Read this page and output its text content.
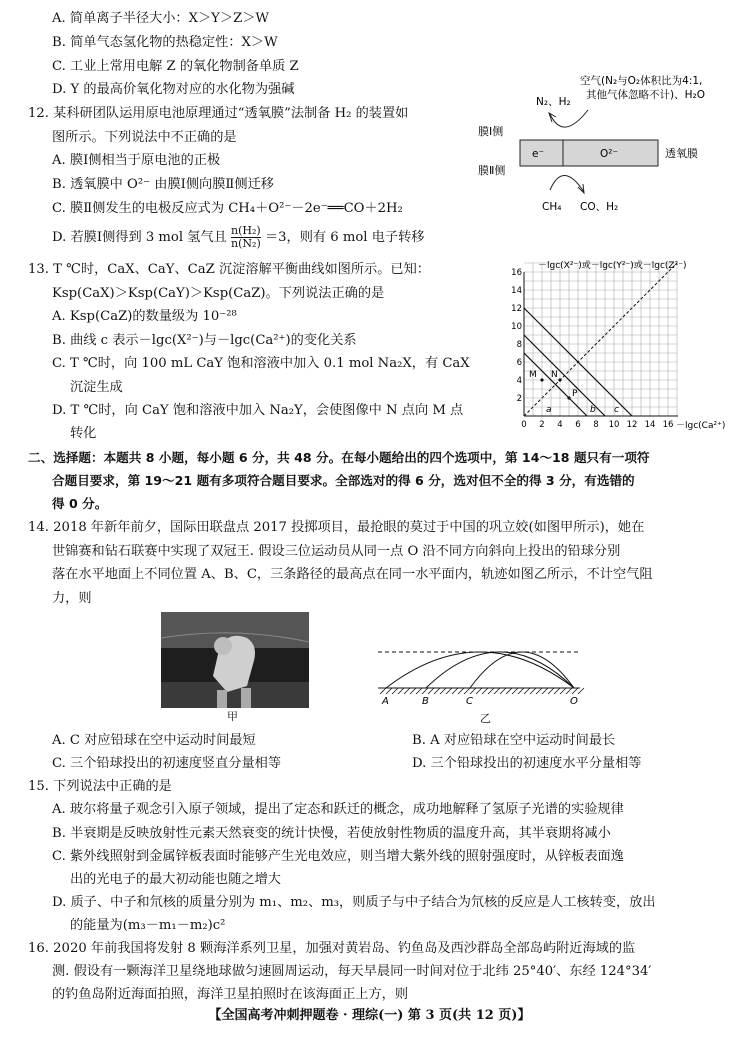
A. 简单离子半径大小：X＞Y＞Z＞W
B. 简单气态氢化物的热稳定性：X＞W
C. 工业上常用电解 Z 的氧化物制备单质 Z
D. Y 的最高价氧化物对应的水化物为强碱
12. 某科研团队运用原电池原理通过“透氧膜”法制备 H₂ 的装置如
图所示。下列说法中不正确的是
A. 膜Ⅰ侧相当于原电池的正极
B. 透氧膜中 O²⁻ 由膜Ⅰ侧向膜Ⅱ侧迁移
C. 膜Ⅱ侧发生的电极反应式为 CH₄＋O²⁻－2e⁻══CO＋2H₂
D. 若膜Ⅰ侧得到 3 mol 氢气且 $\frac{\text{n(H₂)}}{\text{n(N₂)}} =3$，则有 6 mol 电子转移
空气(N₂与O₂体积比为4:1,
其他气体忽略不计)、H₂O
N₂、H₂
膜Ⅰ侧
膜Ⅱ侧
e⁻	O²⁻	透氧膜
CH₄ CO、H₂
13. T ℃时，CaX、CaY、CaZ 沉淀溶解平衡曲线如图所示。已知：
Ksp(CaX)＞Ksp(CaY)＞Ksp(CaZ)。下列说法正确的是
A. Ksp(CaZ)的数量级为 10⁻²⁸
B. 曲线 c 表示－lgc(X²⁻)与－lgc(Ca²⁺)的变化关系
C. T ℃时，向 100 mL CaY 饱和溶液中加入 0.1 mol Na₂X，有 CaX
沉淀生成
D. T ℃时，向 CaY 饱和溶液中加入 Na₂Y，会使图像中 N 点向 M 点
转化
－lgc(X²⁻)或－lgc(Y²⁻)或－lgc(Z²⁻)
－lgc(Ca²⁺)
2
4
6
8
10
12
14
16
0 2 4 6 8 10 12 14 16
M N
P
a	b c
二、选择题：本题共 8 小题，每小题 6 分，共 48 分。在每小题给出的四个选项中，第 14～18 题只有一项符
合题目要求，第 19～21 题有多项符合题目要求。全部选对的得 6 分，选对但不全的得 3 分，有选错的
得 0 分。
14. 2018 年新年前夕，国际田联盘点 2017 投掷项目，最抢眼的莫过于中国的巩立姣(如图甲所示)，她在
世锦赛和钻石联赛中实现了双冠王. 假设三位运动员从同一点 O 沿不同方向斜向上投出的铅球分别
落在水平地面上不同位置 A、B、C，三条路径的最高点在同一水平面内，轨迹如图乙所示，不计空气阻
力，则
甲
A	B	C	O
乙
A. C 对应铅球在空中运动时间最短	B. A 对应铅球在空中运动时间最长
C. 三个铅球投出的初速度竖直分量相等	D. 三个铅球投出的初速度水平分量相等
15. 下列说法中正确的是
A. 玻尔将量子观念引入原子领域，提出了定态和跃迁的概念，成功地解释了氢原子光谱的实验规律
B. 半衰期是反映放射性元素天然衰变的统计快慢，若使放射性物质的温度升高，其半衰期将减小
C. 紫外线照射到金属锌板表面时能够产生光电效应，则当增大紫外线的照射强度时，从锌板表面逸
出的光电子的最大初动能也随之增大
D. 质子、中子和氘核的质量分别为 m₁、m₂、m₃，则质子与中子结合为氘核的反应是人工核转变，放出
的能量为(m₃－m₁－m₂)c²
16. 2020 年前我国将发射 8 颗海洋系列卫星，加强对黄岩岛、钓鱼岛及西沙群岛全部岛屿附近海域的监
测. 假设有一颗海洋卫星绕地球做匀速圆周运动，每天早晨同一时间对位于北纬 25°40′、东经 124°34′
的钓鱼岛附近海面拍照，海洋卫星拍照时在该海面正上方，则
【全国高考冲刺押题卷 · 理综(一) 第 3 页(共 12 页)】
